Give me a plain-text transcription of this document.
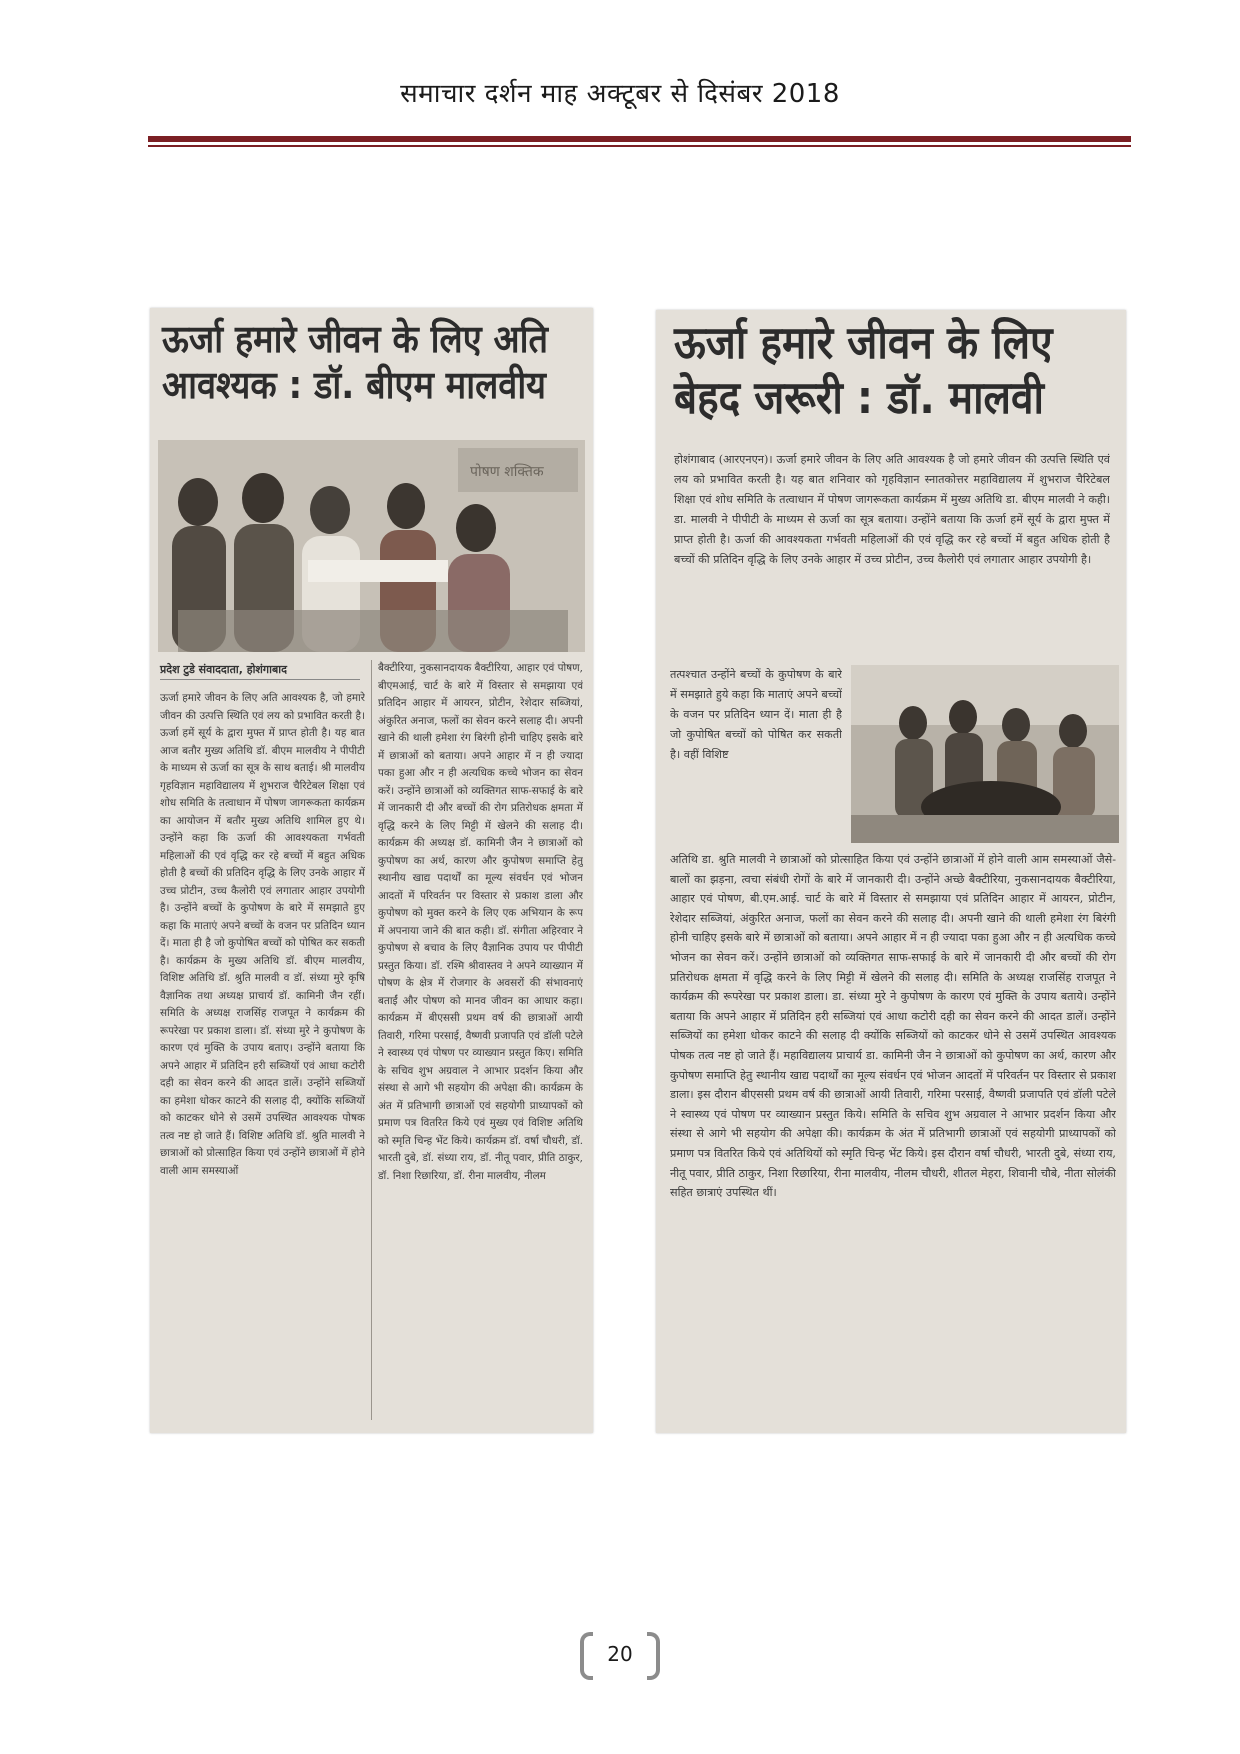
समाचार दर्शन माह अक्टूबर से दिसंबर 2018
ऊर्जा हमारे जीवन के लिए अति आवश्यक : डॉ. बीएम मालवीय
पोषण शक्तिक
प्रदेश टुडे संवाददाता, होशंगाबाद
ऊर्जा हमारे जीवन के लिए अति आवश्यक है, जो हमारे जीवन की उत्पत्ति स्थिति एवं लय को प्रभावित करती है। ऊर्जा हमें सूर्य के द्वारा मुफ्त में प्राप्त होती है। यह बात आज बतौर मुख्य अतिथि डॉ. बीएम मालवीय ने पीपीटी के माध्यम से ऊर्जा का सूत्र के साथ बताई। श्री मालवीय गृहविज्ञान महाविद्यालय में शुभराज चैरिटेबल शिक्षा एवं शोध समिति के तत्वाधान में पोषण जागरूकता कार्यक्रम का आयोजन में बतौर मुख्य अतिथि शामिल हुए थे। उन्होंने कहा कि ऊर्जा की आवश्यकता गर्भवती महिलाओं की एवं वृद्धि कर रहे बच्चों में बहुत अधिक होती है बच्चों की प्रतिदिन वृद्धि के लिए उनके आहार में उच्च प्रोटीन, उच्च कैलोरी एवं लगातार आहार उपयोगी है। उन्होंने बच्चों के कुपोषण के बारे में समझाते हुए कहा कि माताएं अपने बच्चों के वजन पर प्रतिदिन ध्यान दें। माता ही है जो कुपोषित बच्चों को पोषित कर सकती है। कार्यक्रम के मुख्य अतिथि डॉ. बीएम मालवीय, विशिष्ट अतिथि डॉ. श्रुति मालवी व डॉ. संध्या मुरे कृषि वैज्ञानिक तथा अध्यक्ष प्राचार्य डॉ. कामिनी जैन रहीं। समिति के अध्यक्ष राजसिंह राजपूत ने कार्यक्रम की रूपरेखा पर प्रकाश डाला। डॉ. संध्या मुरे ने कुपोषण के कारण एवं मुक्ति के उपाय बताए। उन्होंने बताया कि अपने आहार में प्रतिदिन हरी सब्जियों एवं आधा कटोरी दही का सेवन करने की आदत डालें। उन्होंने सब्जियों का हमेशा धोकर काटने की सलाह दी, क्योंकि सब्जियों को काटकर धोने से उसमें उपस्थित आवश्यक पोषक तत्व नष्ट हो जाते हैं। विशिष्ट अतिथि डॉ. श्रुति मालवी ने छात्राओं को प्रोत्साहित किया एवं उन्होंने छात्राओं में होने वाली आम समस्याओं
बैक्टीरिया, नुकसानदायक बैक्टीरिया, आहार एवं पोषण, बीएमआई, चार्ट के बारे में विस्तार से समझाया एवं प्रतिदिन आहार में आयरन, प्रोटीन, रेशेदार सब्जियां, अंकुरित अनाज, फलों का सेवन करने सलाह दी। अपनी खाने की थाली हमेशा रंग बिरंगी होनी चाहिए इसके बारे में छात्राओं को बताया। अपने आहार में न ही ज्यादा पका हुआ और न ही अत्यधिक कच्चे भोजन का सेवन करें। उन्होंने छात्राओं को व्यक्तिगत साफ-सफाई के बारे में जानकारी दी और बच्चों की रोग प्रतिरोधक क्षमता में वृद्धि करने के लिए मिट्टी में खेलने की सलाह दी। कार्यक्रम की अध्यक्ष डॉ. कामिनी जैन ने छात्राओं को कुपोषण का अर्थ, कारण और कुपोषण समाप्ति हेतु स्थानीय खाद्य पदार्थों का मूल्य संवर्धन एवं भोजन आदतों में परिवर्तन पर विस्तार से प्रकाश डाला और कुपोषण को मुक्त करने के लिए एक अभियान के रूप में अपनाया जाने की बात कही। डॉ. संगीता अहिरवार ने कुपोषण से बचाव के लिए वैज्ञानिक उपाय पर पीपीटी प्रस्तुत किया। डॉ. रश्मि श्रीवास्तव ने अपने व्याख्यान में पोषण के क्षेत्र में रोजगार के अवसरों की संभावनाएं बताईं और पोषण को मानव जीवन का आधार कहा। कार्यक्रम में बीएससी प्रथम वर्ष की छात्राओं आयी तिवारी, गरिमा परसाई, वैष्णवी प्रजापति एवं डॉली पटेले ने स्वास्थ्य एवं पोषण पर व्याख्यान प्रस्तुत किए। समिति के सचिव शुभ अग्रवाल ने आभार प्रदर्शन किया और संस्था से आगे भी सहयोग की अपेक्षा की। कार्यक्रम के अंत में प्रतिभागी छात्राओं एवं सहयोगी प्राध्यापकों को प्रमाण पत्र वितरित किये एवं मुख्य एवं विशिष्ट अतिथि को स्मृति चिन्ह भेंट किये। कार्यक्रम डॉ. वर्षा चौधरी, डॉ. भारती दुबे, डॉ. संध्या राय, डॉ. नीतू पवार, प्रीति ठाकुर, डॉ. निशा रिछारिया, डॉ. रीना मालवीय, नीलम
ऊर्जा हमारे जीवन के लिए बेहद जरूरी : डॉ. मालवी
होशंगाबाद (आरएनएन)। ऊर्जा हमारे जीवन के लिए अति आवश्यक है जो हमारे जीवन की उत्पत्ति स्थिति एवं लय को प्रभावित करती है। यह बात शनिवार को गृहविज्ञान स्नातकोत्तर महाविद्यालय में शुभराज चैरिटेबल शिक्षा एवं शोध समिति के तत्वाधान में पोषण जागरूकता कार्यक्रम में मुख्य अतिथि डा. बीएम मालवी ने कही। डा. मालवी ने पीपीटी के माध्यम से ऊर्जा का सूत्र बताया। उन्होंने बताया कि ऊर्जा हमें सूर्य के द्वारा मुफ्त में प्राप्त होती है। ऊर्जा की आवश्यकता गर्भवती महिलाओं की एवं वृद्धि कर रहे बच्चों में बहुत अधिक होती है बच्चों की प्रतिदिन वृद्धि के लिए उनके आहार में उच्च प्रोटीन, उच्च कैलोरी एवं लगातार आहार उपयोगी है।
तत्पश्चात उन्होंने बच्चों के कुपोषण के बारे में समझाते हुये कहा कि माताएं अपने बच्चों के वजन पर प्रतिदिन ध्यान दें। माता ही है जो कुपोषित बच्चों को पोषित कर सकती है। वहीं विशिष्ट
अतिथि डा. श्रुति मालवी ने छात्राओं को प्रोत्साहित किया एवं उन्होंने छात्राओं में होने वाली आम समस्याओं जैसे- बालों का झड़ना, त्वचा संबंधी रोगों के बारे में जानकारी दी। उन्होंने अच्छे बैक्टीरिया, नुकसानदायक बैक्टीरिया, आहार एवं पोषण, बी.एम.आई. चार्ट के बारे में विस्तार से समझाया एवं प्रतिदिन आहार में आयरन, प्रोटीन, रेशेदार सब्जियां, अंकुरित अनाज, फलों का सेवन करने की सलाह दी। अपनी खाने की थाली हमेशा रंग बिरंगी होनी चाहिए इसके बारे में छात्राओं को बताया। अपने आहार में न ही ज्यादा पका हुआ और न ही अत्यधिक कच्चे भोजन का सेवन करें। उन्होंने छात्राओं को व्यक्तिगत साफ-सफाई के बारे में जानकारी दी और बच्चों की रोग प्रतिरोधक क्षमता में वृद्धि करने के लिए मिट्टी में खेलने की सलाह दी। समिति के अध्यक्ष राजसिंह राजपूत ने कार्यक्रम की रूपरेखा पर प्रकाश डाला। डा. संध्या मुरे ने कुपोषण के कारण एवं मुक्ति के उपाय बताये। उन्होंने बताया कि अपने आहार में प्रतिदिन हरी सब्जियां एवं आधा कटोरी दही का सेवन करने की आदत डालें। उन्होंने सब्जियों का हमेशा धोकर काटने की सलाह दी क्योंकि सब्जियों को काटकर धोने से उसमें उपस्थित आवश्यक पोषक तत्व नष्ट हो जाते हैं। महाविद्यालय प्राचार्य डा. कामिनी जैन ने छात्राओं को कुपोषण का अर्थ, कारण और कुपोषण समाप्ति हेतु स्थानीय खाद्य पदार्थों का मूल्य संवर्धन एवं भोजन आदतों में परिवर्तन पर विस्तार से प्रकाश डाला। इस दौरान बीएससी प्रथम वर्ष की छात्राओं आयी तिवारी, गरिमा परसाई, वैष्णवी प्रजापति एवं डॉली पटेले ने स्वास्थ्य एवं पोषण पर व्याख्यान प्रस्तुत किये। समिति के सचिव शुभ अग्रवाल ने आभार प्रदर्शन किया और संस्था से आगे भी सहयोग की अपेक्षा की। कार्यक्रम के अंत में प्रतिभागी छात्राओं एवं सहयोगी प्राध्यापकों को प्रमाण पत्र वितरित किये एवं अतिथियों को स्मृति चिन्ह भेंट किये। इस दौरान वर्षा चौधरी, भारती दुबे, संध्या राय, नीतू पवार, प्रीति ठाकुर, निशा रिछारिया, रीना मालवीय, नीलम चौधरी, शीतल मेहरा, शिवानी चौबे, नीता सोलंकी सहित छात्राएं उपस्थित थीं।
20
